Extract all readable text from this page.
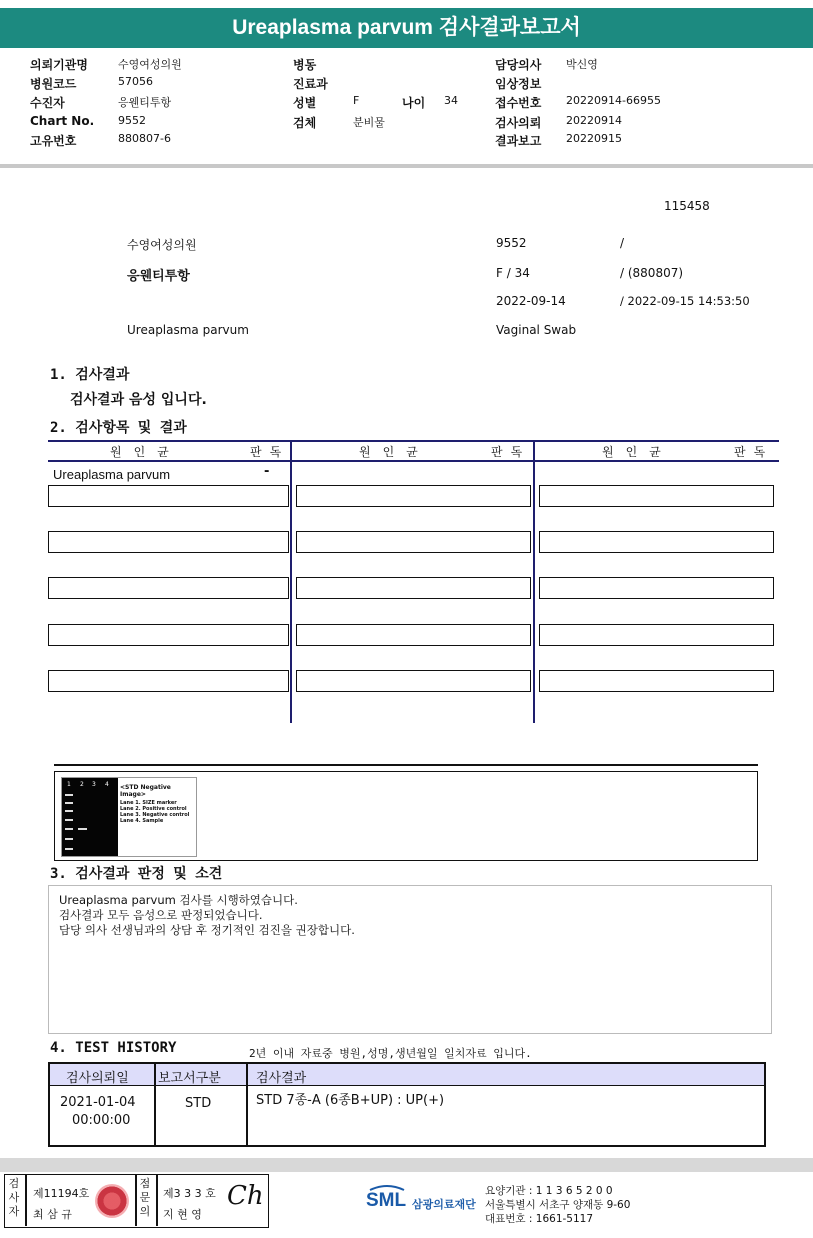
Ureaplasma parvum 검사결과보고서
의뢰기관명	수영여성의원	병동	담당의사 박신영
병원코드	57056	진료과	임상정보
수진자	응웬티투항	성별	F	나이 34	접수번호 20220914-66955
Chart No. 9552	검체	분비물	검사의뢰 20220914
고유번호	880807-6	결과보고 20220915
115458
수영여성의원	9552	/
응웬티투항	F / 34	/ (880807)
2022-09-14	/ 2022-09-15 14:53:50
Ureaplasma parvum	Vaginal Swab
1. 검사결과
검사결과 음성 입니다.
2. 검사항목 및 결과
원인균	판독	원인균	판독	원인균	판독
Ureaplasma parvum	-
1 2 3 4 <STD Negative Image>
Lane 1. SIZE marker
Lane 2. Positive control
Lane 3. Negative control
Lane 4. Sample
3. 검사결과 판정 및 소견
Ureaplasma parvum 검사를 시행하였습니다.
검사결과 모두 음성으로 판정되었습니다.
담당 의사 선생님과의 상담 후 정기적인 검진을 권장합니다.
4. TEST HISTORY	2년 이내 자료중 병원,성명,생년월일 일치자료 입니다.
검사의뢰일 보고서구분	검사결과
2021-01-04
00:00:00
STD	STD 7종-A (6종B+UP) : UP(+)
검
사
자
제11194호
최 삼 규
점
문
의
제3 3 3 호
지 현 영
Ch	SML 삼광의료재단
요양기관 : 1 1 3 6 5 2 0 0
서울특별시 서초구 양재동 9-60
대표번호 : 1661-5117
